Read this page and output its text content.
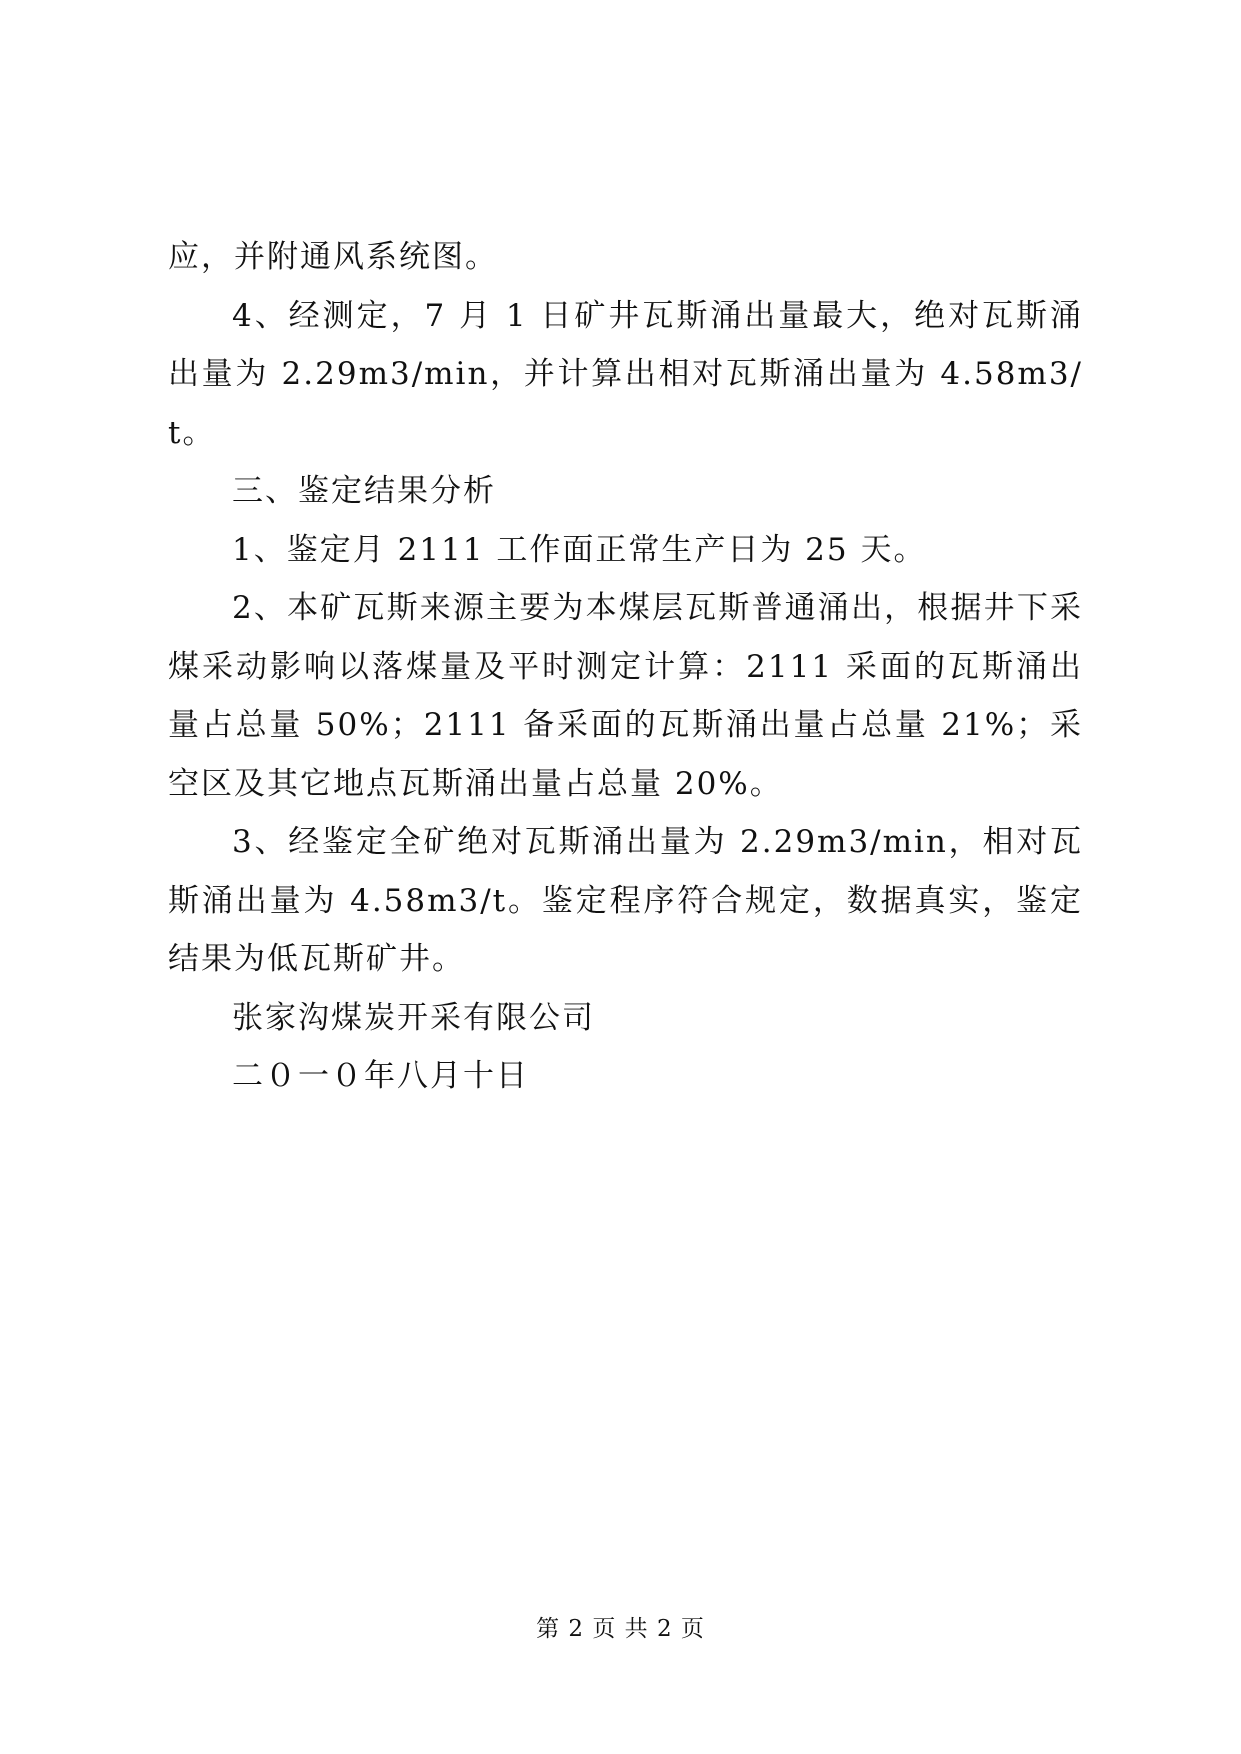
应，并附通风系统图。

4、经测定，7 月 1 日矿井瓦斯涌出量最大，绝对瓦斯涌出量为 2.29m3/min，并计算出相对瓦斯涌出量为 4.58m3/t。

三、鉴定结果分析

1、鉴定月 2111 工作面正常生产日为 25 天。

2、本矿瓦斯来源主要为本煤层瓦斯普通涌出，根据井下采煤采动影响以落煤量及平时测定计算：2111 采面的瓦斯涌出量占总量 50%；2111 备采面的瓦斯涌出量占总量 21%；采空区及其它地点瓦斯涌出量占总量 20%。

3、经鉴定全矿绝对瓦斯涌出量为 2.29m3/min，相对瓦斯涌出量为 4.58m3/t。鉴定程序符合规定，数据真实，鉴定结果为低瓦斯矿井。

张家沟煤炭开采有限公司

二０一０年八月十日

第 2 页 共 2 页
